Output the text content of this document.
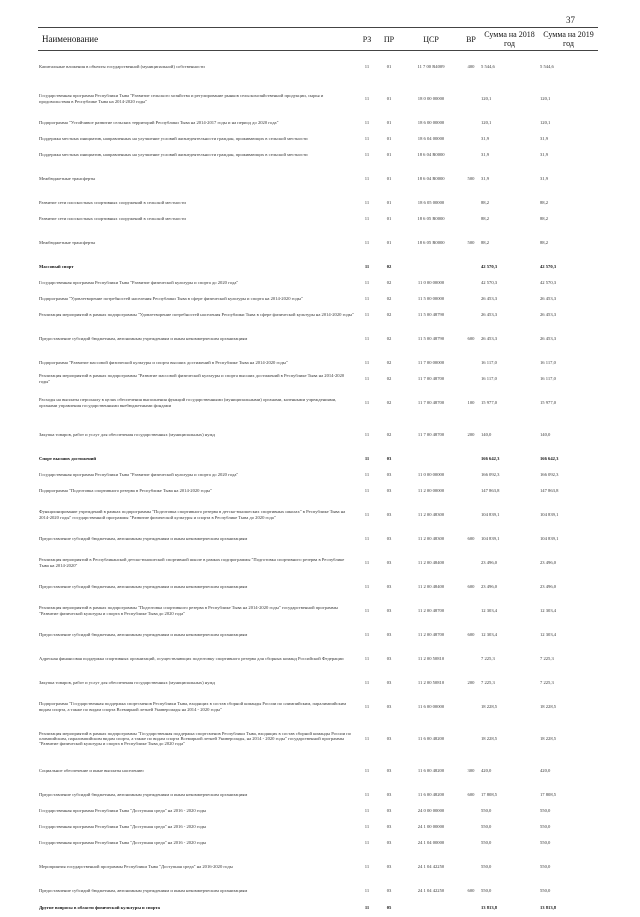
37
Наименование	РЗ	ПР	ЦСР	ВР	Сумма на 2018 год	Сумма на 2019 год
Капитальные вложения в объекты государственной (муниципальной) собственности	11	01	11 7 00 R4009	400	5 544,6	5 544,6
Государственная программа Республики Тыва "Развитие сельского хозяйства и регулирование рынков сельскохозяйственной продукции, сырья и продовольствия в Республике Тыва на 2014-2020 годы"	11	01	18 0 00 00000		120,1	120,1
Подпрограмма "Устойчивое развитие сельских территорий Республики Тыва на 2014-2017 годы и на период до 2020 года"	11	01	18 6 00 00000		120,1	120,1
Поддержка местных инициатив, направленных на улучшение условий жизнедеятельности граждан, проживающих в сельской местности	11	01	18 6 04 00000		31,9	31,9
Поддержка местных инициатив, направленных на улучшение условий жизнедеятельности граждан, проживающих в сельской местности	11	01	18 6 04 R0000		31,9	31,9
Межбюджетные трансферты	11	01	18 6 04 R0000	500	31,9	31,9
Развитие сети плоскостных спортивных сооружений в сельской местности	11	01	18 6 05 00000		88,2	88,2
Развитие сети плоскостных спортивных сооружений в сельской местности	11	01	18 6 05 R0000		88,2	88,2
Межбюджетные трансферты	11	01	18 6 05 R0000	500	88,2	88,2
Массовый спорт	11	02			42 570,3	42 570,3
Государственная программа Республики Тыва "Развитие физической культуры и спорта до 2020 года"	11	02	11 0 00 00000		42 570,3	42 570,3
Подпрограмма "Удовлетворение потребностей населения Республики Тыва в сфере физической культуры и спорта на 2014-2020 годы"	11	02	11 5 00 00000		26 453,3	26 453,3
Реализация мероприятий в рамках подпрограммы "Удовлетворение потребностей населения Республики Тыва в сфере физической культуры на 2014-2020 годы"	11	02	11 5 00 48790		26 453,3	26 453,3
Предоставление субсидий бюджетным, автономным учреждениям и иным некоммерческим организациям	11	02	11 5 00 48790	600	26 453,3	26 453,3
Подпрограмма "Развитие массовой физической культуры и спорта высших достижений в Республике Тыва на 2014-2020 годы"	11	02	11 7 00 00000		16 117,0	16 117,0
Реализация мероприятий в рамках подпрограммы "Развитие массовой физической культуры и спорта высших достижений в Республике Тыва на 2014-2020 годы"	11	02	11 7 00 48700		16 117,0	16 117,0
Расходы на выплаты персоналу в целях обеспечения выполнения функций государственными (муниципальными) органами, казенными учреждениями, органами управления государственными внебюджетными фондами	11	02	11 7 00 48700	100	15 977,0	15 977,0
Закупка товаров, работ и услуг для обеспечения государственных (муниципальных) нужд	11	02	11 7 00 48700	200	140,0	140,0
Спорт высших достижений	11	03			166 642,3	166 642,3
Государственная программа Республики Тыва "Развитие физической культуры и спорта до 2020 года"	11	03	11 0 00 00000		166 092,3	166 092,3
Подпрограмма "Подготовка спортивного резерва в Республике Тыва на 2014-2020 годы"	11	03	11 2 00 00000		147 863,8	147 863,8
Функционирование учреждений в рамках подпрограммы "Подготовка спортивного резерва в детско-юношеских спортивных школах" в Республике Тыва на 2014-2020 годы" государственной программы "Развитие физической культуры и спорта в Республике Тыва до 2020 года"	11	03	11 2 00 48300		104 839,1	104 839,1
Предоставление субсидий бюджетным, автономным учреждениям и иным некоммерческим организациям	11	03	11 2 00 48300	600	104 839,1	104 839,1
Реализация мероприятий в Республиканской детско-юношеской спортивной школе в рамках подпрограммы "Подготовка спортивного резерва в Республике Тыва на 2014-2020"	11	03	11 2 00 48400		23 496,0	23 496,0
Предоставление субсидий бюджетным, автономным учреждениям и иным некоммерческим организациям	11	03	11 2 00 48400	600	23 496,0	23 496,0
Реализация мероприятий в рамках подпрограммы "Подготовка спортивного резерва в Республике Тыва на 2014-2020 годы" государственной программы "Развитие физической культуры и спорта в Республике Тыва до 2020 года"	11	03	11 2 00 48700		12 303,4	12 303,4
Предоставление субсидий бюджетным, автономным учреждениям и иным некоммерческим организациям	11	03	11 2 00 48700	600	12 303,4	12 303,4
Адресная финансовая поддержка спортивных организаций, осуществляющих подготовку спортивного резерва для сборных команд Российской Федерации	11	03	11 2 00 50810		7 225,3	7 225,3
Закупка товаров, работ и услуг для обеспечения государственных (муниципальных) нужд	11	03	11 2 00 50810	200	7 225,3	7 225,3
Подпрограмма "Государственная поддержка спортсменов Республики Тыва, входящих в состав сборной команды России по олимпийским, паралимпийским видам спорта, а также по видам спорта Всемирной летней Универсиады на 2014 - 2020 годы"	11	03	11 6 00 00000		18 228,5	18 228,5
Реализация мероприятий в рамках подпрограммы "Государственная поддержка спортсменов Республики Тыва, входящих в состав сборной команды России по олимпийским, паралимпийским видам спорта, а также по видам спорта Всемирной летней Универсиады, на 2014 - 2020 годы" государственной программы "Развитие физической культуры и спорта в Республике Тыва до 2020 года"	11	03	11 6 00 48200		18 228,5	18 228,5
Социальное обеспечение и иные выплаты населению	11	03	11 6 00 48200	300	420,0	420,0
Предоставление субсидий бюджетным, автономным учреждениям и иным некоммерческим организациям	11	03	11 6 00 48200	600	17 808,5	17 808,5
Государственная программа Республики Тыва "Доступная среда" на 2016 - 2020 годы	11	03	24 0 00 00000		550,0	550,0
Государственная программа Республики Тыва "Доступная среда" на 2016 - 2020 годы	11	03	24 1 00 00000		550,0	550,0
Государственная программа Республики Тыва "Доступная среда" на 2016 - 2020 годы	11	03	24 1 04 00000		550,0	550,0
Мероприятия государственной программы Республики Тыва "Доступная среда" на 2016-2020 годы	11	03	24 1 04 42250		550,0	550,0
Предоставление субсидий бюджетным, автономным учреждениям и иным некоммерческим организациям	11	03	24 1 04 42250	600	550,0	550,0
Другие вопросы в области физической культуры и спорта	11	05			13 813,8	13 813,8
